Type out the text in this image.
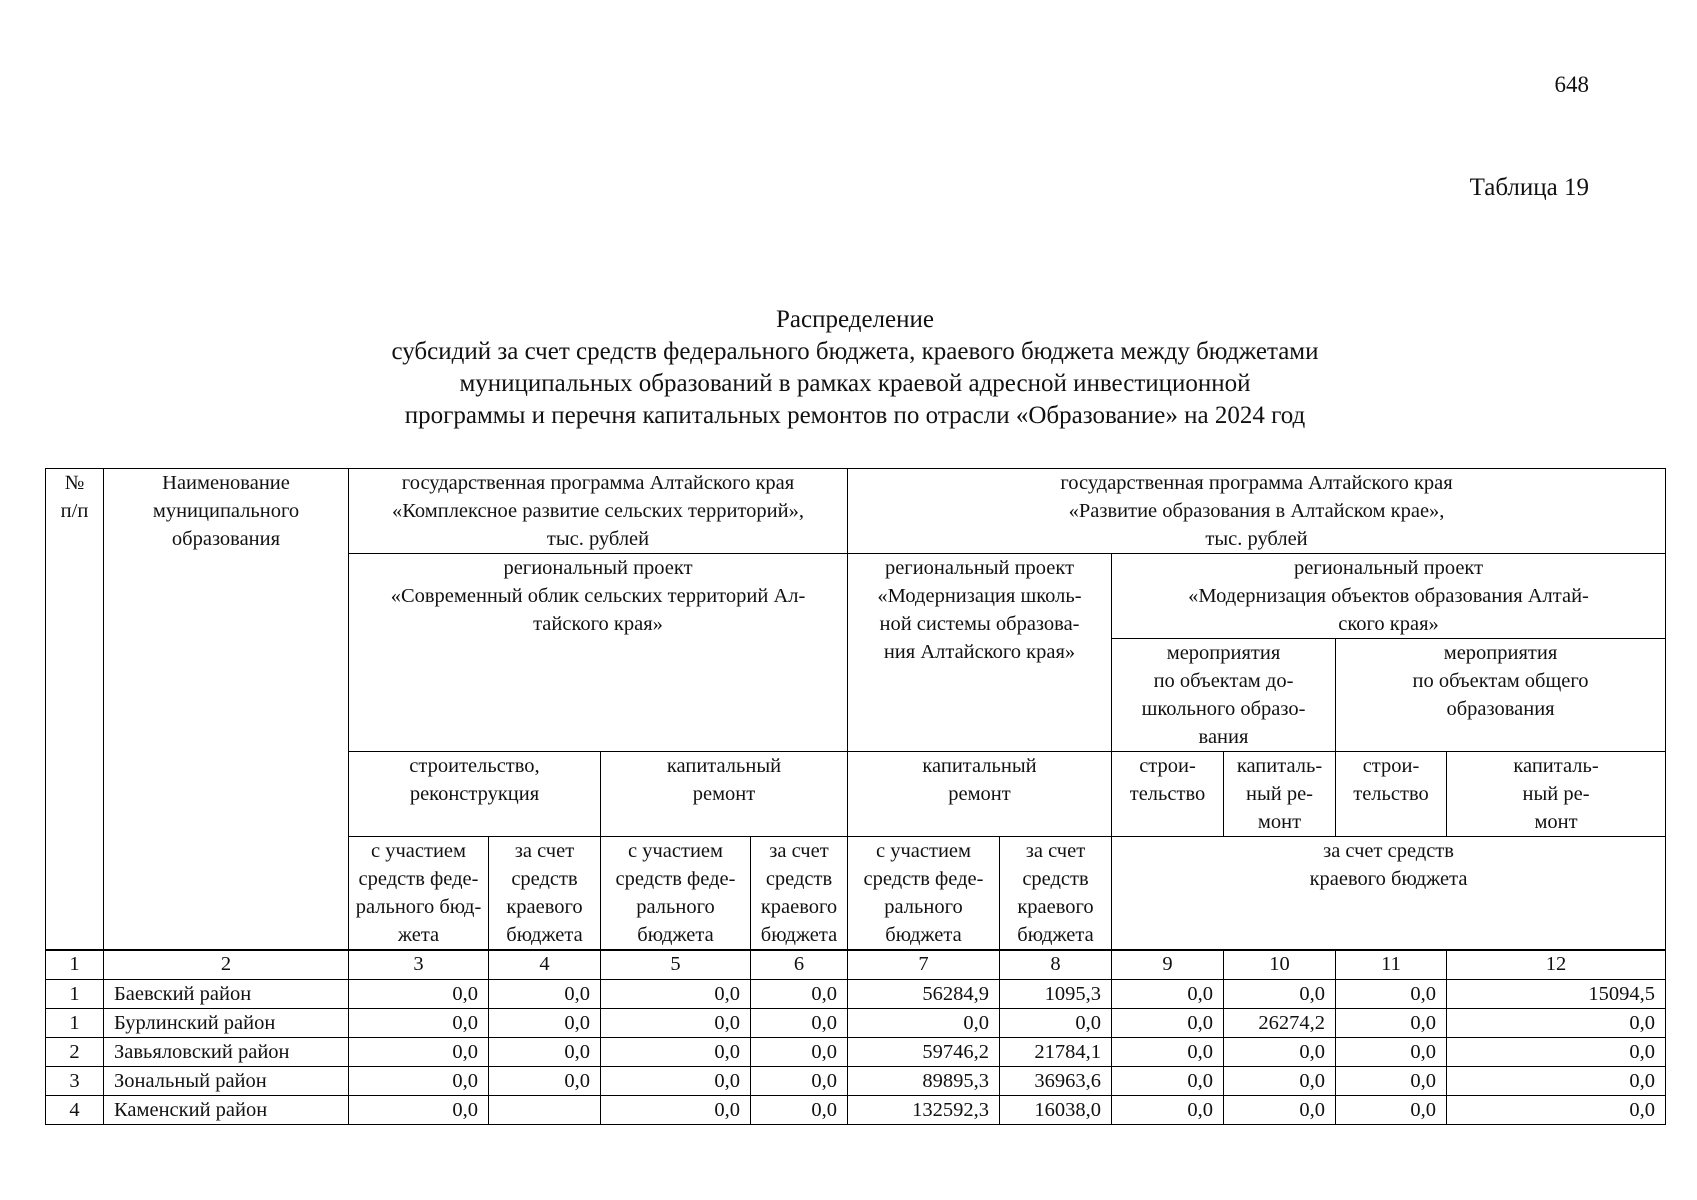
648
Таблица 19
Распределение
субсидий за счет средств федерального бюджета, краевого бюджета между бюджетами
муниципальных образований в рамках краевой адресной инвестиционной
программы и перечня капитальных ремонтов по отрасли «Образование» на 2024 год
№
п/п	Наименование
муниципального
образования	государственная программа Алтайского края
«Комплексное развитие сельских территорий»,
тыс. рублей				государственная программа Алтайского края
«Развитие образования в Алтайском крае»,
тыс. рублей					

		региональный проект
«Современный облик сельских территорий Ал-
тайского края»				региональный проект
«Модернизация школь-
ной системы образова-
ния Алтайского края»		региональный проект
«Модернизация объектов образования Алтай-
ского края»			

								мероприятия
по объектам до-
школьного образо-
вания		мероприятия
по объектам общего
образования	

		строительство,
реконструкция		капитальный
ремонт		капитальный
ремонт		строи-
тельство	капиталь-
ный ре-
монт	строи-
тельство	капиталь-
ный ре-
монт

		с участием
средств феде-
рального бюд-
жета	за счет
средств
краевого
бюджета	с участием
средств феде-
рального
бюджета	за счет
средств
краевого
бюджета	с участием
средств феде-
рального
бюджета	за счет
средств
краевого
бюджета	за счет средств
краевого бюджета			

1	2	3	4	5	6	7	8	9	10	11	12
1	Баевский район	0,0	0,0	0,0	0,0	56284,9	1095,3	0,0	0,0	0,0	15094,5
1	Бурлинский район	0,0	0,0	0,0	0,0	0,0	0,0	0,0	26274,2	0,0	0,0
2	Завьяловский район	0,0	0,0	0,0	0,0	59746,2	21784,1	0,0	0,0	0,0	0,0
3	Зональный район	0,0	0,0	0,0	0,0	89895,3	36963,6	0,0	0,0	0,0	0,0
4	Каменский район	0,0		0,0	0,0	132592,3	16038,0	0,0	0,0	0,0	0,0
